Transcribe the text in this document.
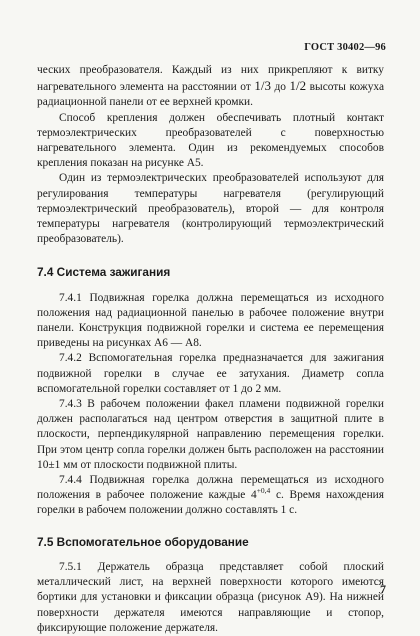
ГОСТ 30402—96

ческих преобразователя. Каждый из них прикрепляют к витку нагревательного элемента на расстоянии от 1/3 до 1/2 высоты кожуха радиационной панели от ее верхней кромки.

Способ крепления должен обеспечивать плотный контакт термоэлектрических преобразователей с поверхностью нагревательного элемента. Один из рекомендуемых способов крепления показан на рисунке А5.

Один из термоэлектрических преобразователей используют для регулирования температуры нагревателя (регулирующий термоэлектрический преобразователь), второй — для контроля температуры нагревателя (контролирующий термоэлектрический преобразователь).

7.4 Система зажигания

7.4.1 Подвижная горелка должна перемещаться из исходного положения над радиационной панелью в рабочее положение внутри панели. Конструкция подвижной горелки и система ее перемещения приведены на рисунках А6 — А8.

7.4.2 Вспомогательная горелка предназначается для зажигания подвижной горелки в случае ее затухания. Диаметр сопла вспомогательной горелки составляет от 1 до 2 мм.

7.4.3 В рабочем положении факел пламени подвижной горелки должен располагаться над центром отверстия в защитной плите в плоскости, перпендикулярной направлению перемещения горелки. При этом центр сопла горелки должен быть расположен на расстоянии 10±1 мм от плоскости подвижной плиты.

7.4.4 Подвижная горелка должна перемещаться из исходного положения в рабочее положение каждые $4^{+0,4}$ с. Время нахождения горелки в рабочем положении должно составлять 1 с.

7.5 Вспомогательное оборудование

7.5.1 Держатель образца представляет собой плоский металлический лист, на верхней поверхности которого имеются бортики для установки и фиксации образца (рисунок А9). На нижней поверхности держателя имеются направляющие и стопор, фиксирующие положение держателя.

7
